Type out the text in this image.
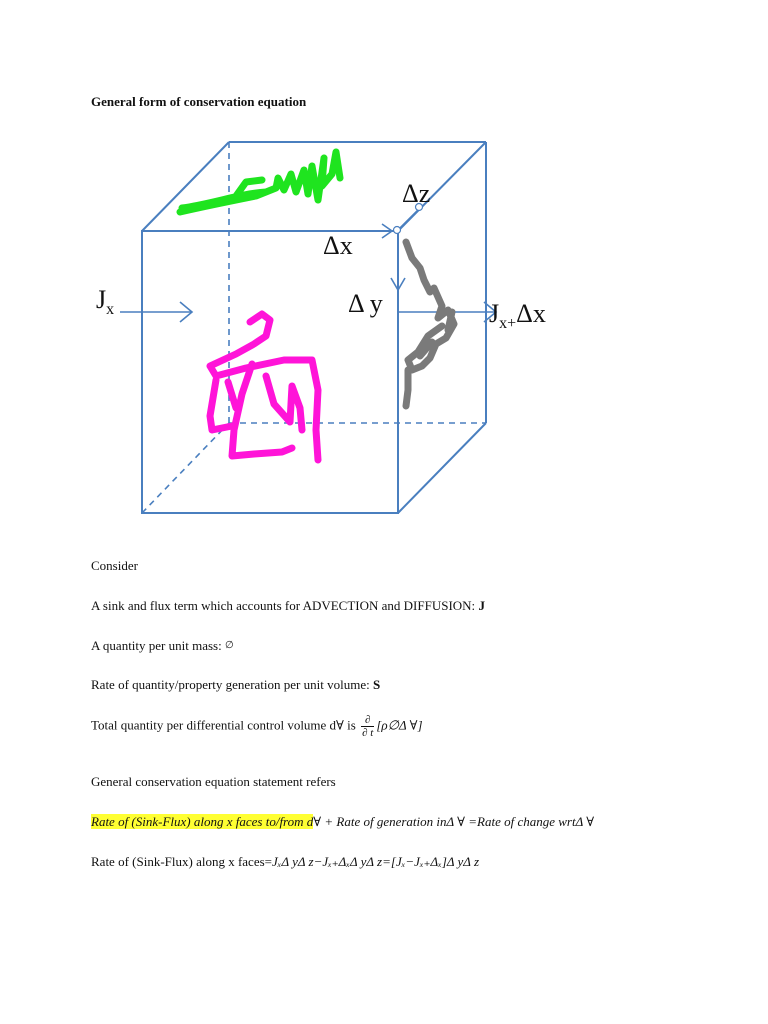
General form of conservation equation
Δz
Δx
Δ y
$J_x$	$J_{x+}\Delta x$
Consider
A sink and flux term which accounts for ADVECTION and DIFFUSION: J
A quantity per unit mass: ∅
Rate of quantity/property generation per unit volume: S
Total quantity per differential control volume d∀ is $\frac{\partial}{\partial t}$ [ρ∅Δ ∀]
General conservation equation statement refers
Rate of (Sink-Flux) along x faces to/from d∀ + Rate of generation inΔ ∀ =Rate of change wrtΔ ∀
Rate of (Sink-Flux) along x faces=JₓΔ yΔ z−Jₓ₊ΔₓΔ yΔ z=[Jₓ−Jₓ₊Δₓ]Δ yΔ z
